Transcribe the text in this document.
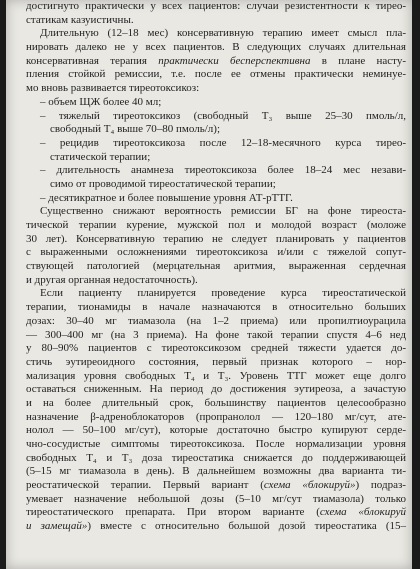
достигнуто практически у всех пациентов: случаи резистентности к тирео-
статикам казуистичны.
Длительную (12–18 мес) консервативную терапию имеет смысл пла-
нировать далеко не у всех пациентов. В следующих случаях длительная
консервативная терапия практически бесперспективна в плане насту-
пления стойкой ремиссии, т.е. после ее отмены практически неминуе-
мо вновь развивается тиреотоксикоз:
– объем ЩЖ более 40 мл;
– тяжелый тиреотоксикоз (свободный T₃ выше 25–30 пмоль/л,
свободный T₄ выше 70–80 пмоль/л);
– рецидив тиреотоксикоза после 12–18-месячного курса тирео-
статической терапии;
– длительность анамнеза тиреотоксикоза более 18–24 мес незави-
симо от проводимой тиреостатической терапии;
– десятикратное и более повышение уровня АТ-рТТГ.
Существенно снижают вероятность ремиссии БГ на фоне тиреоста-
тической терапии курение, мужской пол и молодой возраст (моложе
30 лет). Консервативную терапию не следует планировать у пациентов
с выраженными осложнениями тиреотоксикоза и/или с тяжелой сопут-
ствующей патологией (мерцательная аритмия, выраженная сердечная
и другая органная недостаточность).
Если пациенту планируется проведение курса тиреостатической
терапии, тионамиды в начале назначаются в относительно больших
дозах: 30–40 мг тиамазола (на 1–2 приема) или пропилтиоурацила
— 300–400 мг (на 3 приема). На фоне такой терапии спустя 4–6 нед
у 80–90% пациентов с тиреотоксикозом средней тяжести удается до-
стичь эутиреоидного состояния, первый признак которого – нор-
мализация уровня свободных T₄ и T₃. Уровень ТТГ может еще долго
оставаться сниженным. На период до достижения эутиреоза, а зачастую
и на более длительный срок, большинству пациентов целесообразно
назначение β-адреноблокаторов (пропранолол — 120–180 мг/сут, ате-
нолол — 50–100 мг/сут), которые достаточно быстро купируют серде-
чно-сосудистые симптомы тиреотоксикоза. После нормализации уровня
свободных T₄ и T₃ доза тиреостатика снижается до поддерживающей
(5–15 мг тиамазола в день). В дальнейшем возможны два варианта ти-
реостатической терапии. Первый вариант (схема «блокируй») подраз-
умевает назначение небольшой дозы (5–10 мг/сут тиамазола) только
тиреостатического препарата. При втором варианте (схема «блокируй
и замещай») вместе с относительно большой дозой тиреостатика (15–
